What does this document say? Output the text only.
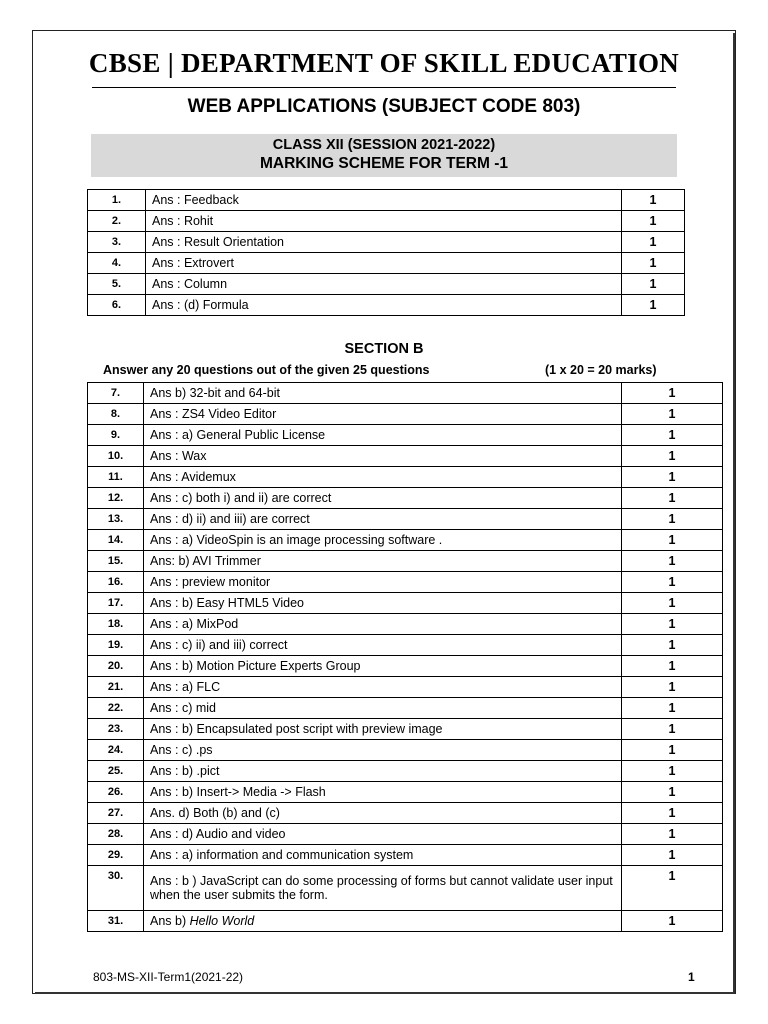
CBSE | DEPARTMENT OF SKILL EDUCATION
WEB APPLICATIONS (SUBJECT CODE 803)
CLASS XII (SESSION 2021-2022)
MARKING SCHEME FOR TERM -1
1.	Ans : Feedback	1
2.	Ans : Rohit	1
3.	Ans : Result Orientation	1
4.	Ans : Extrovert	1
5.	Ans : Column	1
6.	Ans : (d) Formula	1
SECTION B
Answer any 20 questions out of the given 25 questions	(1 x 20 = 20 marks)
7.	Ans b) 32-bit and 64-bit	1
8.	Ans : ZS4 Video Editor	1
9.	Ans : a) General Public License	1
10.	Ans : Wax	1
11.	Ans : Avidemux	1
12.	Ans : c) both i) and ii) are correct	1
13.	Ans : d) ii) and iii) are correct	1
14.	Ans : a) VideoSpin is an image processing software .	1
15.	Ans: b) AVI Trimmer	1
16.	Ans : preview monitor	1
17.	Ans : b) Easy HTML5 Video	1
18.	Ans : a) MixPod	1
19.	Ans : c) ii) and iii) correct	1
20.	Ans : b) Motion Picture Experts Group	1
21.	Ans : a) FLC	1
22.	Ans : c) mid	1
23.	Ans : b) Encapsulated post script with preview image	1
24.	Ans : c) .ps	1
25.	Ans : b) .pict	1
26.	Ans : b) Insert-> Media -> Flash	1
27.	Ans. d) Both (b) and (c)	1
28.	Ans : d) Audio and video	1
29.	Ans : a) information and communication system	1
30.	Ans : b ) JavaScript can do some processing of forms but cannot validate user input when the user submits the form.	1
31.	Ans b) Hello World	1
803-MS-XII-Term1(2021-22)	1
